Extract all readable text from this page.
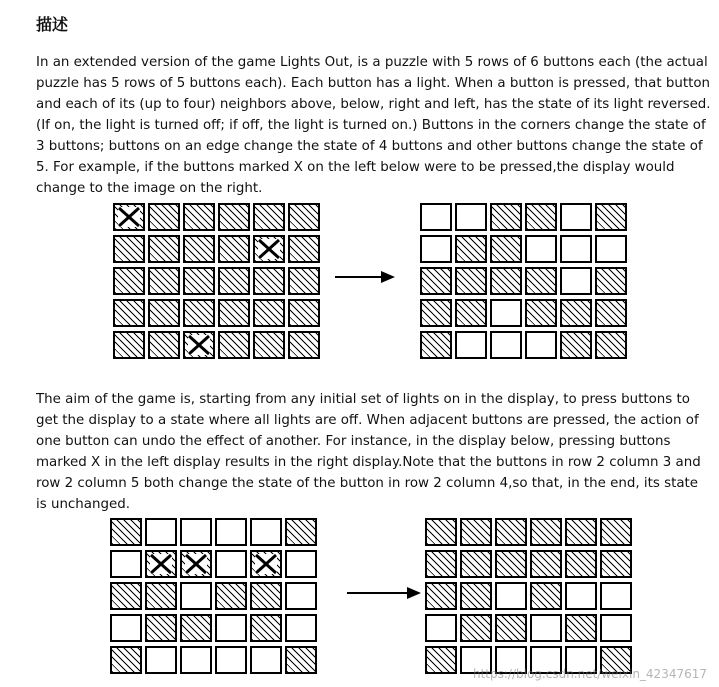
描述

In an extended version of the game Lights Out, is a puzzle with 5 rows of 6 buttons each (the actual puzzle has 5 rows of 5 buttons each). Each button has a light. When a button is pressed, that button and each of its (up to four) neighbors above, below, right and left, has the state of its light reversed. (If on, the light is turned off; if off, the light is turned on.) Buttons in the corners change the state of 3 buttons; buttons on an edge change the state of 4 buttons and other buttons change the state of 5. For example, if the buttons marked X on the left below were to be pressed,the display would change to the image on the right.

The aim of the game is, starting from any initial set of lights on in the display, to press buttons to get the display to a state where all lights are off. When adjacent buttons are pressed, the action of one button can undo the effect of another. For instance, in the display below, pressing buttons marked X in the left display results in the right display.Note that the buttons in row 2 column 3 and row 2 column 5 both change the state of the button in row 2 column 4,so that, in the end, its state is unchanged.

https://blog.csdn.net/weixin_42347617
